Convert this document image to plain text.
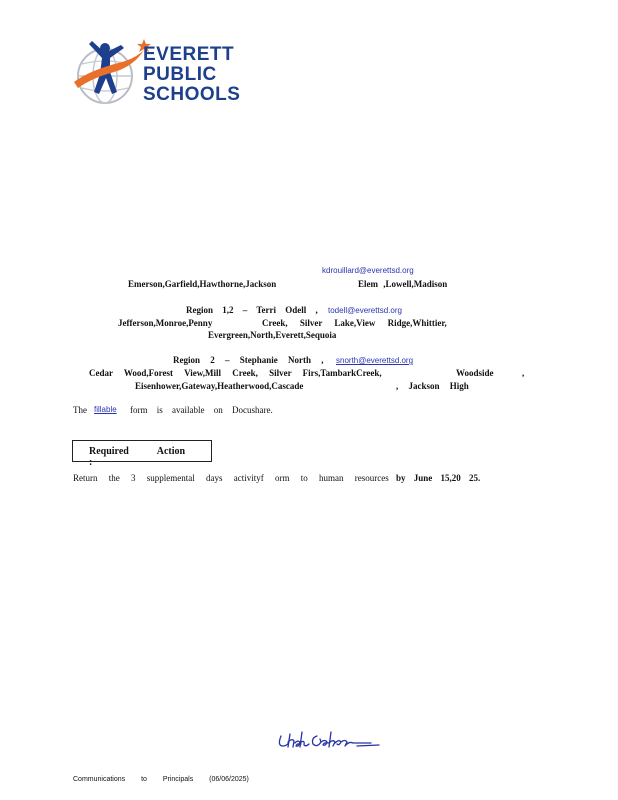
EVERETT
PUBLIC
SCHOOLS
kdrouillard@everettsd.org
Emerson,Garfield,Hawthorne,Jackson	Elem ,Lowell,Madison
Region 1,2 – Terri Odell , todell@everettsd.org
Jefferson,Monroe,Penny	Creek, Silver Lake,View Ridge,Whittier,
Evergreen,North,Everett,Sequoia
Region 2 – Stephanie North , snorth@everettsd.org
Cedar Wood,Forest View,Mill Creek, Silver Firs,TambarkCreek,	Woodside	,
Eisenhower,Gateway,Heatherwood,Cascade	, Jackson High
The fillable	form is available on Docushare.
Required Action :
Return the 3 supplemental days activityf orm to human resources by June 15,20 25.
Communications to Principals (06/06/2025)
